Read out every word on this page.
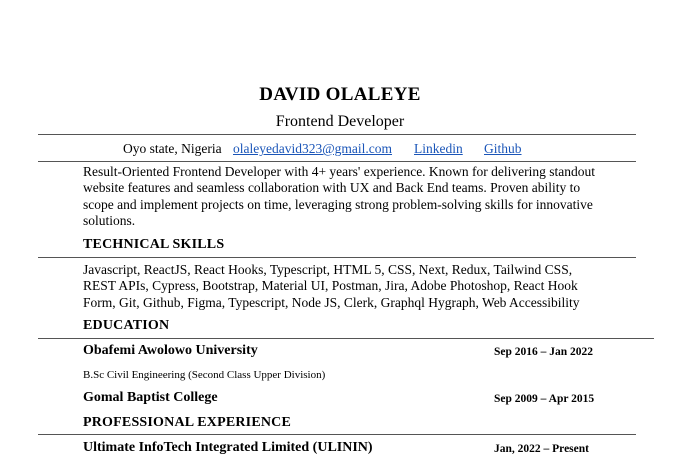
DAVID OLALEYE
Frontend Developer
Oyo state, Nigeria olaleyedavid323@gmail.com Linkedin Github
Result-Oriented Frontend Developer with 4+ years' experience. Known for delivering standout website features and seamless collaboration with UX and Back End teams. Proven ability to scope and implement projects on time, leveraging strong problem-solving skills for innovative solutions.
TECHNICAL SKILLS
Javascript, ReactJS, React Hooks, Typescript, HTML 5, CSS, Next, Redux, Tailwind CSS, REST APIs, Cypress, Bootstrap, Material UI, Postman, Jira, Adobe Photoshop, React Hook Form, Git, Github, Figma, Typescript, Node JS, Clerk, Graphql Hygraph, Web Accessibility
EDUCATION
Obafemi Awolowo University	Sep 2016 – Jan 2022
B.Sc Civil Engineering (Second Class Upper Division)
Gomal Baptist College	Sep 2009 – Apr 2015
PROFESSIONAL EXPERIENCE
Ultimate InfoTech Integrated Limited (ULININ)	Jan, 2022 – Present
